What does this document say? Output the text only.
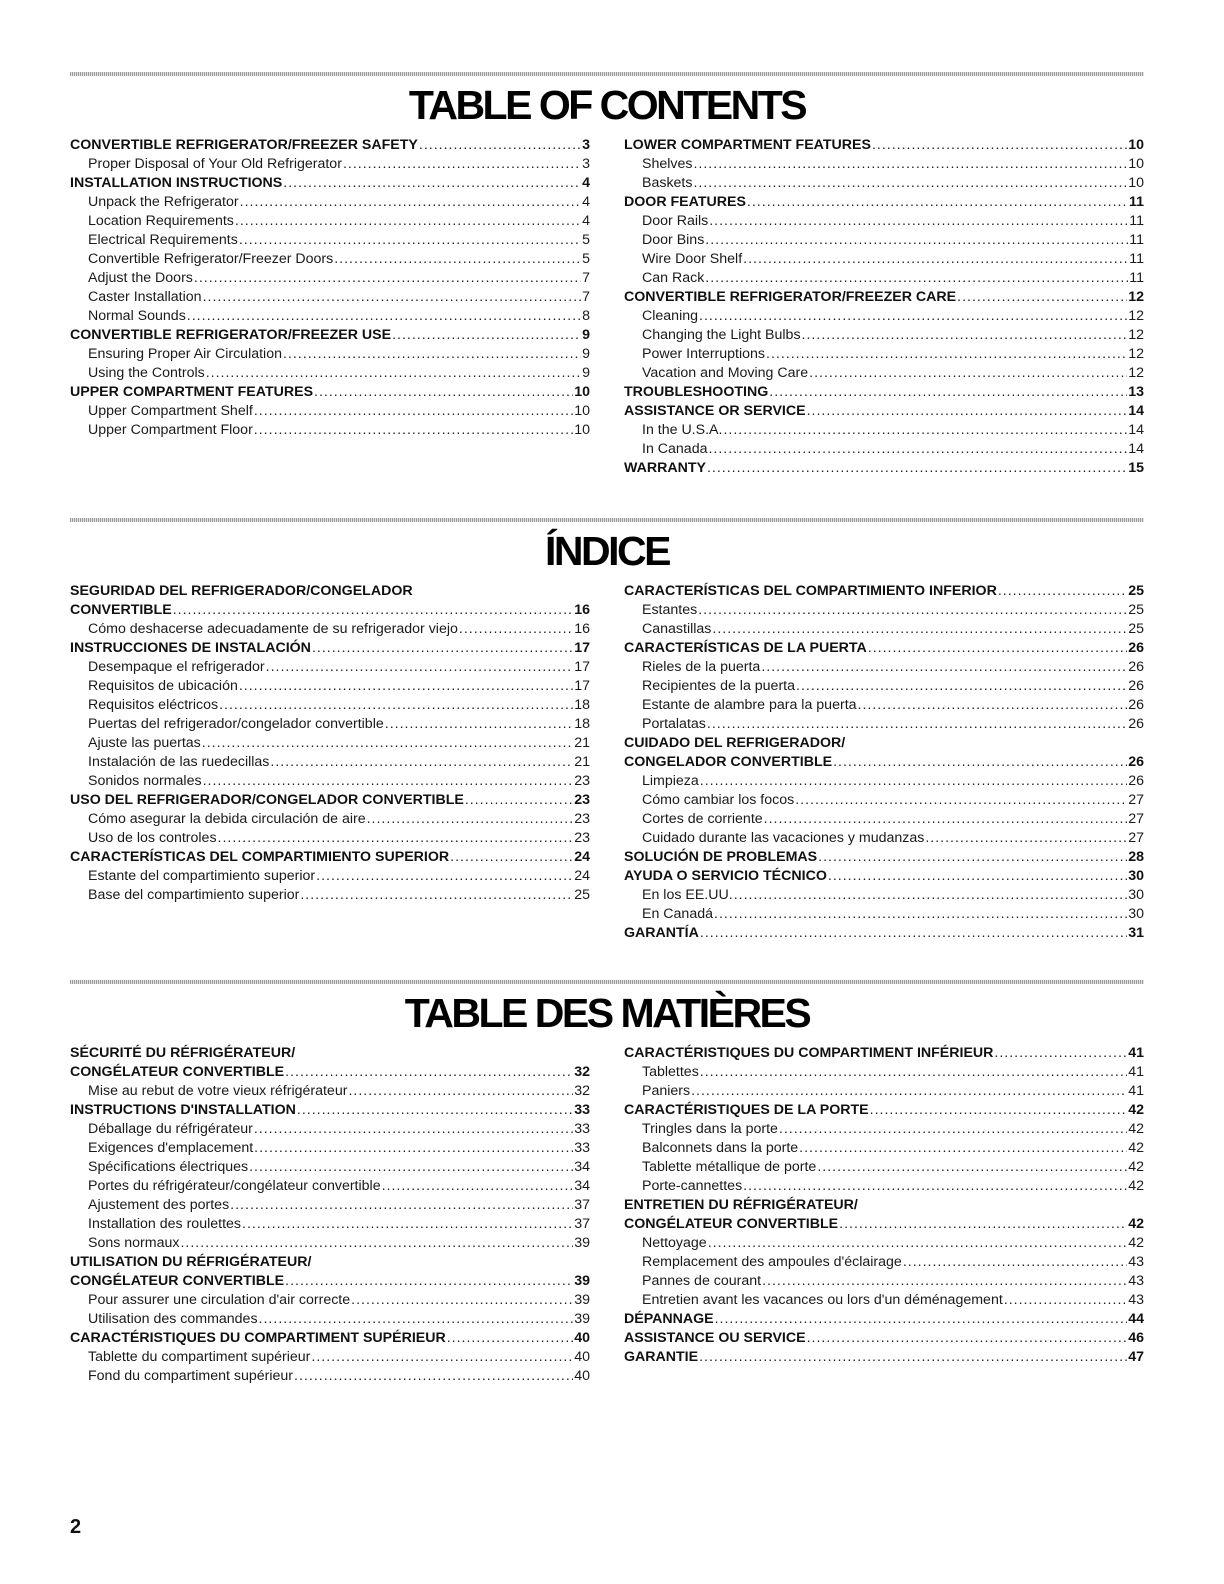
TABLE OF CONTENTS
CONVERTIBLE REFRIGERATOR/FREEZER SAFETY .....	3
Proper Disposal of Your Old Refrigerator .....	3
INSTALLATION INSTRUCTIONS .....	4
Unpack the Refrigerator .....	4
Location Requirements .....	4
Electrical Requirements .....	5
Convertible Refrigerator/Freezer Doors .....	5
Adjust the Doors .....	7
Caster Installation .....	7
Normal Sounds .....	8
CONVERTIBLE REFRIGERATOR/FREEZER USE .....	9
Ensuring Proper Air Circulation .....	9
Using the Controls .....	9
UPPER COMPARTMENT FEATURES .....	10
Upper Compartment Shelf .....	10
Upper Compartment Floor .....	10
LOWER COMPARTMENT FEATURES .....	10
Shelves .....	10
Baskets .....	10
DOOR FEATURES .....	11
Door Rails .....	11
Door Bins .....	11
Wire Door Shelf .....	11
Can Rack .....	11
CONVERTIBLE REFRIGERATOR/FREEZER CARE .....	12
Cleaning .....	12
Changing the Light Bulbs .....	12
Power Interruptions .....	12
Vacation and Moving Care .....	12
TROUBLESHOOTING .....	13
ASSISTANCE OR SERVICE .....	14
In the U.S.A. .....	14
In Canada .....	14
WARRANTY .....	15
ÍNDICE
SEGURIDAD DEL REFRIGERADOR/CONGELADOR
CONVERTIBLE .....	16
Cómo deshacerse adecuadamente de su refrigerador viejo .....	16
INSTRUCCIONES DE INSTALACIÓN .....	17
Desempaque el refrigerador .....	17
Requisitos de ubicación .....	17
Requisitos eléctricos .....	18
Puertas del refrigerador/congelador convertible .....	18
Ajuste las puertas .....	21
Instalación de las ruedecillas .....	21
Sonidos normales .....	23
USO DEL REFRIGERADOR/CONGELADOR CONVERTIBLE .....	23
Cómo asegurar la debida circulación de aire .....	23
Uso de los controles .....	23
CARACTERÍSTICAS DEL COMPARTIMIENTO SUPERIOR .....	24
Estante del compartimiento superior .....	24
Base del compartimiento superior .....	25
CARACTERÍSTICAS DEL COMPARTIMIENTO INFERIOR .....	25
Estantes .....	25
Canastillas .....	25
CARACTERÍSTICAS DE LA PUERTA .....	26
Rieles de la puerta .....	26
Recipientes de la puerta .....	26
Estante de alambre para la puerta .....	26
Portalatas .....	26
CUIDADO DEL REFRIGERADOR/
CONGELADOR CONVERTIBLE .....	26
Limpieza .....	26
Cómo cambiar los focos .....	27
Cortes de corriente .....	27
Cuidado durante las vacaciones y mudanzas .....	27
SOLUCIÓN DE PROBLEMAS .....	28
AYUDA O SERVICIO TÉCNICO .....	30
En los EE.UU. .....	30
En Canadá .....	30
GARANTÍA .....	31
TABLE DES MATIÈRES
SÉCURITÉ DU RÉFRIGÉRATEUR/
CONGÉLATEUR CONVERTIBLE .....	32
Mise au rebut de votre vieux réfrigérateur .....	32
INSTRUCTIONS D'INSTALLATION .....	33
Déballage du réfrigérateur .....	33
Exigences d'emplacement .....	33
Spécifications électriques .....	34
Portes du réfrigérateur/congélateur convertible .....	34
Ajustement des portes .....	37
Installation des roulettes .....	37
Sons normaux .....	39
UTILISATION DU RÉFRIGÉRATEUR/
CONGÉLATEUR CONVERTIBLE .....	39
Pour assurer une circulation d'air correcte .....	39
Utilisation des commandes .....	39
CARACTÉRISTIQUES DU COMPARTIMENT SUPÉRIEUR .....	40
Tablette du compartiment supérieur .....	40
Fond du compartiment supérieur .....	40
CARACTÉRISTIQUES DU COMPARTIMENT INFÉRIEUR .....	41
Tablettes .....	41
Paniers .....	41
CARACTÉRISTIQUES DE LA PORTE .....	42
Tringles dans la porte .....	42
Balconnets dans la porte .....	42
Tablette métallique de porte .....	42
Porte-cannettes .....	42
ENTRETIEN DU RÉFRIGÉRATEUR/
CONGÉLATEUR CONVERTIBLE .....	42
Nettoyage .....	42
Remplacement des ampoules d'éclairage .....	43
Pannes de courant .....	43
Entretien avant les vacances ou lors d'un déménagement .....	43
DÉPANNAGE .....	44
ASSISTANCE OU SERVICE .....	46
GARANTIE .....	47
2
